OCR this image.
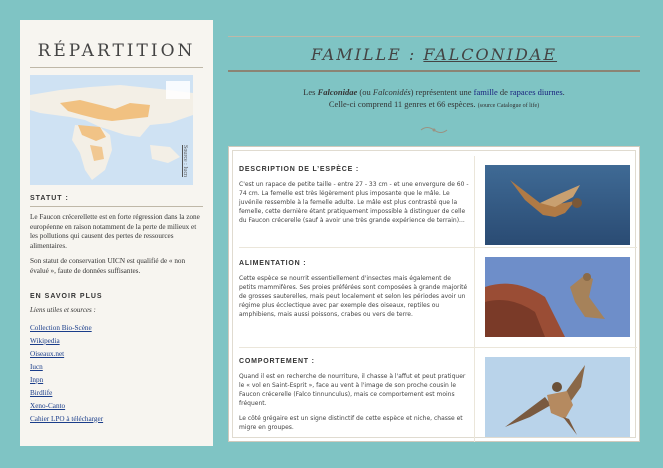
RÉPARTITION
STATUT :
Le Faucon crécerellette est en forte régression dans la zone européenne en raison notamment de la perte de milieux et les pollutions qui causent des pertes de ressources alimentaires.
Son statut de conservation UICN est qualifié de « non évalué », faute de données suffisantes.
EN SAVOIR PLUS
Liens utiles et sources :
Collection Bio-Scène
Wikipedia
Oiseaux.net
Iucn
Inpn
Birdlife
Xeno-Canto
Cahier LPO à télécharger
Source : Iucn
FAMILLE : FALCONIDAE
Les Falconidae (ou Falconidés) représentent une famille de rapaces diurnes.
Celle-ci comprend 11 genres et 66 espèces. (source Catalogue of life)
DESCRIPTION DE L’ESPÈCE :
C'est un rapace de petite taille - entre 27 - 33 cm - et une envergure de 60 - 74 cm. La femelle est très légèrement plus imposante que le mâle. Le juvénile ressemble à la femelle adulte. Le mâle est plus contrasté que la femelle, cette dernière étant pratiquement impossible à distinguer de celle du Faucon crécerelle (sauf à avoir une très grande expérience de terrain)...
ALIMENTATION :
Cette espèce se nourrit essentiellement d'insectes mais également de petits mammifères. Ses proies préférées sont composées à grande majorité de grosses sauterelles, mais peut localement et selon les périodes avoir un régime plus écclectique avec par exemple des oiseaux, reptiles ou amphibiens, mais aussi poissons, crabes ou vers de terre.
COMPORTEMENT :
Quand il est en recherche de nourriture, il chasse à l'affut et peut pratiquer le « vol en Saint-Esprit », face au vent à l'image de son proche cousin le Faucon crécerelle (Falco tinnunculus), mais ce comportement est moins fréquent.
Le côté grégaire est un signe distinctif de cette espèce et niche, chasse et migre en groupes.
